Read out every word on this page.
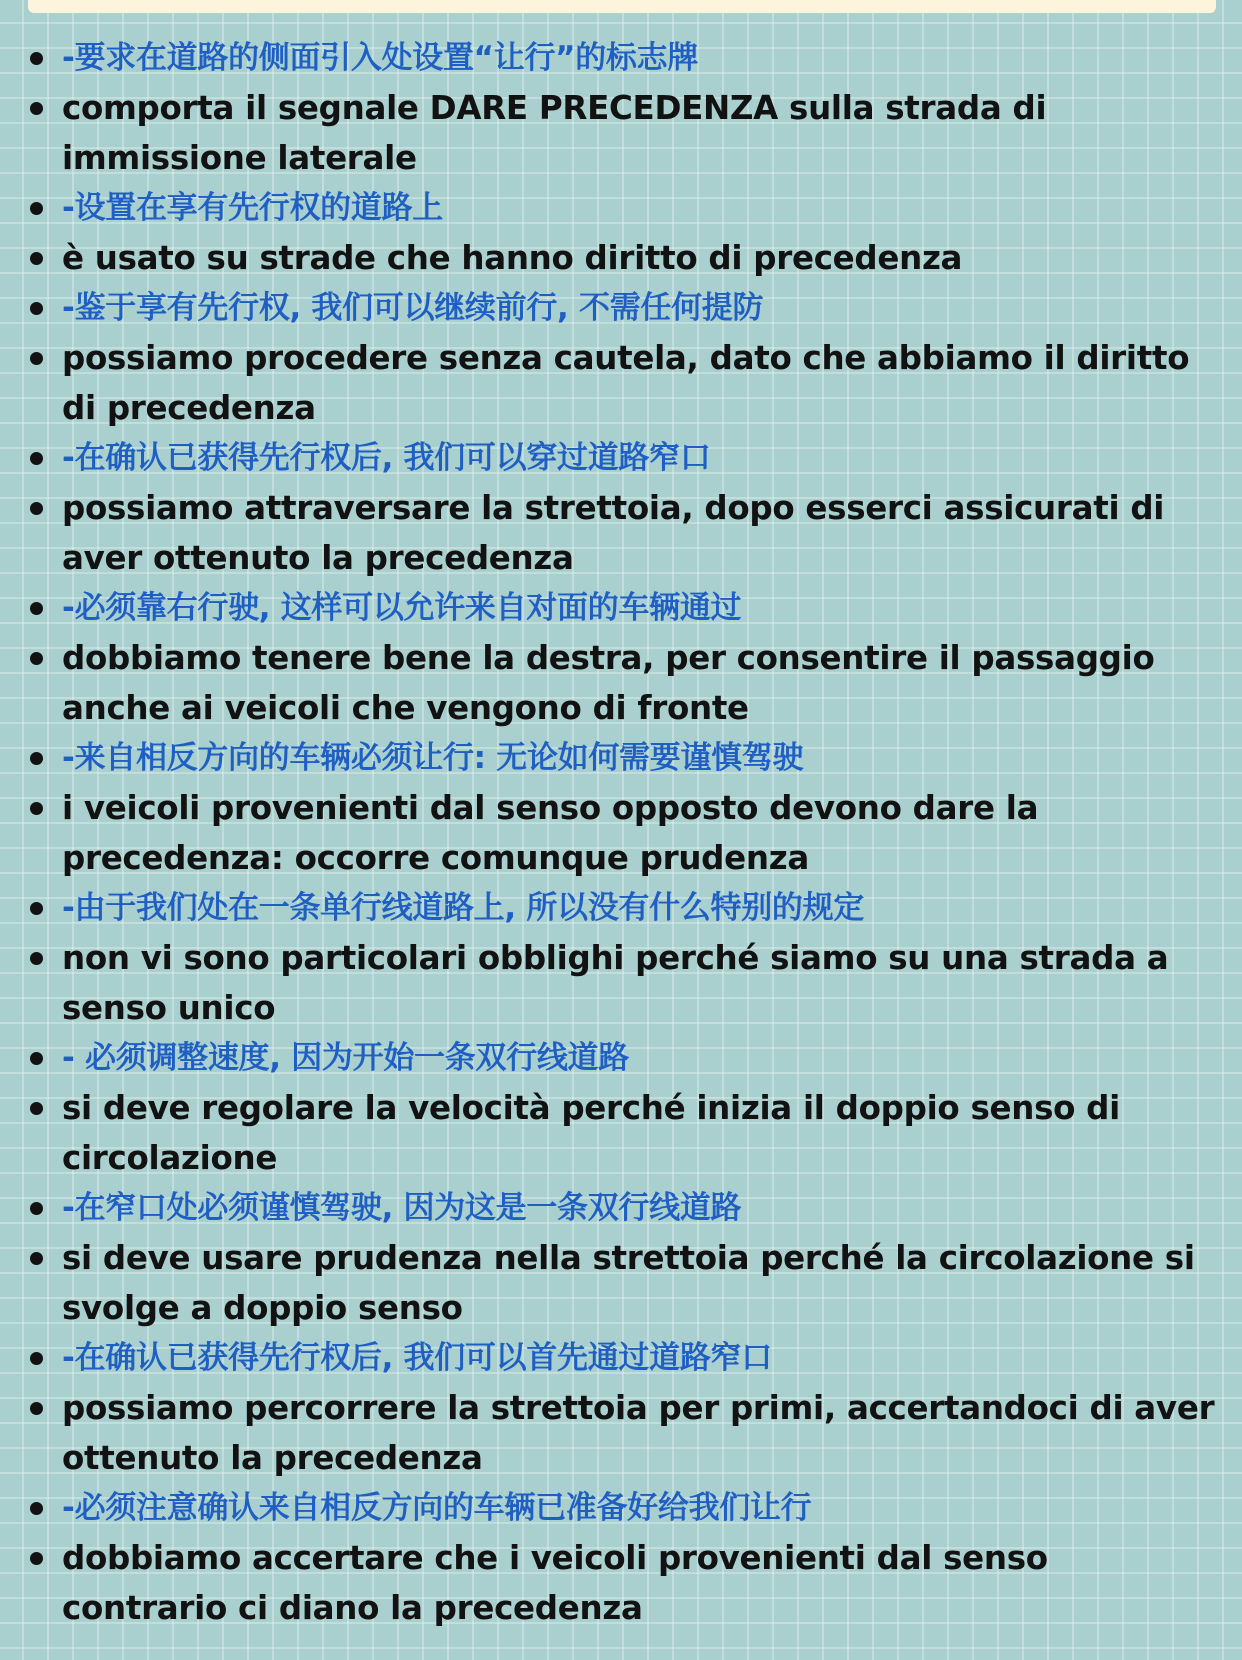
-要求在道路的侧面引入处设置“让行”的标志牌
comporta il segnale DARE PRECEDENZA sulla strada di immissione laterale
-设置在享有先行权的道路上
è usato su strade che hanno diritto di precedenza
-鉴于享有先行权, 我们可以继续前行, 不需任何提防
possiamo procedere senza cautela, dato che abbiamo il diritto di precedenza
-在确认已获得先行权后, 我们可以穿过道路窄口
possiamo attraversare la strettoia, dopo esserci assicurati di aver ottenuto la precedenza
-必须靠右行驶, 这样可以允许来自对面的车辆通过
dobbiamo tenere bene la destra, per consentire il passaggio anche ai veicoli che vengono di fronte
-来自相反方向的车辆必须让行: 无论如何需要谨慎驾驶
i veicoli provenienti dal senso opposto devono dare la precedenza: occorre comunque prudenza
-由于我们处在一条单行线道路上, 所以没有什么特别的规定
non vi sono particolari obblighi perché siamo su una strada a senso unico
- 必须调整速度, 因为开始一条双行线道路
si deve regolare la velocità perché inizia il doppio senso di circolazione
-在窄口处必须谨慎驾驶, 因为这是一条双行线道路
si deve usare prudenza nella strettoia perché la circolazione si svolge a doppio senso
-在确认已获得先行权后, 我们可以首先通过道路窄口
possiamo percorrere la strettoia per primi, accertandoci di aver ottenuto la precedenza
-必须注意确认来自相反方向的车辆已准备好给我们让行
dobbiamo accertare che i veicoli provenienti dal senso contrario ci diano la precedenza
